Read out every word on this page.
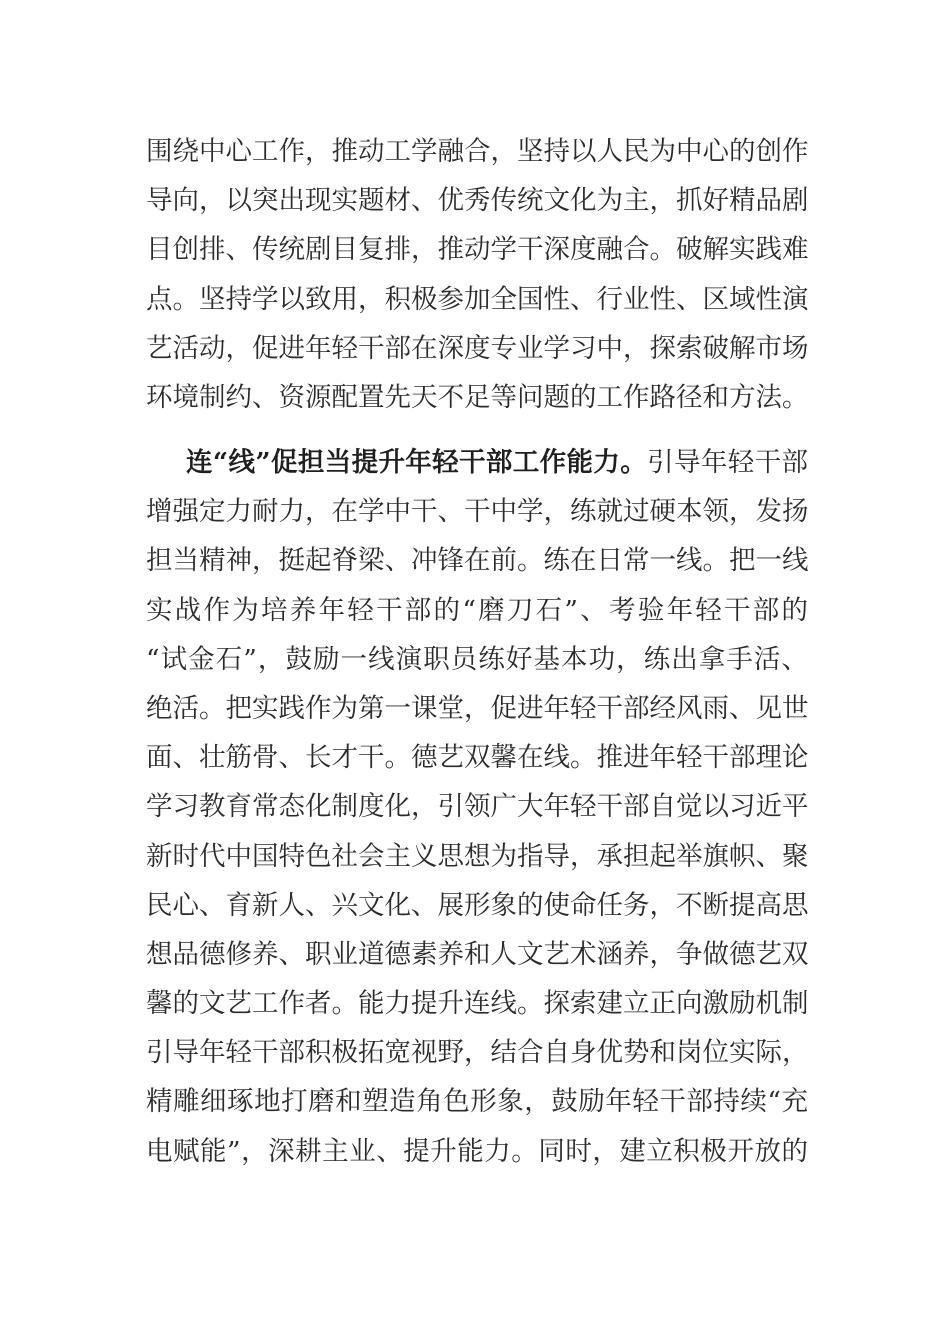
围绕中心工作，推动工学融合，坚持以人民为中心的创作
导向，以突出现实题材、优秀传统文化为主，抓好精品剧
目创排、传统剧目复排，推动学干深度融合。破解实践难
点。坚持学以致用，积极参加全国性、行业性、区域性演
艺活动，促进年轻干部在深度专业学习中，探索破解市场
环境制约、资源配置先天不足等问题的工作路径和方法。
连“线”促担当提升年轻干部工作能力。引导年轻干部
增强定力耐力，在学中干、干中学，练就过硬本领，发扬
担当精神，挺起脊梁、冲锋在前。练在日常一线。把一线
实战作为培养年轻干部的“磨刀石”、考验年轻干部的
“试金石”，鼓励一线演职员练好基本功，练出拿手活、
绝活。把实践作为第一课堂，促进年轻干部经风雨、见世
面、壮筋骨、长才干。德艺双馨在线。推进年轻干部理论
学习教育常态化制度化，引领广大年轻干部自觉以习近平
新时代中国特色社会主义思想为指导，承担起举旗帜、聚
民心、育新人、兴文化、展形象的使命任务，不断提高思
想品德修养、职业道德素养和人文艺术涵养，争做德艺双
馨的文艺工作者。能力提升连线。探索建立正向激励机制
引导年轻干部积极拓宽视野，结合自身优势和岗位实际，
精雕细琢地打磨和塑造角色形象，鼓励年轻干部持续“充
电赋能”，深耕主业、提升能力。同时，建立积极开放的
